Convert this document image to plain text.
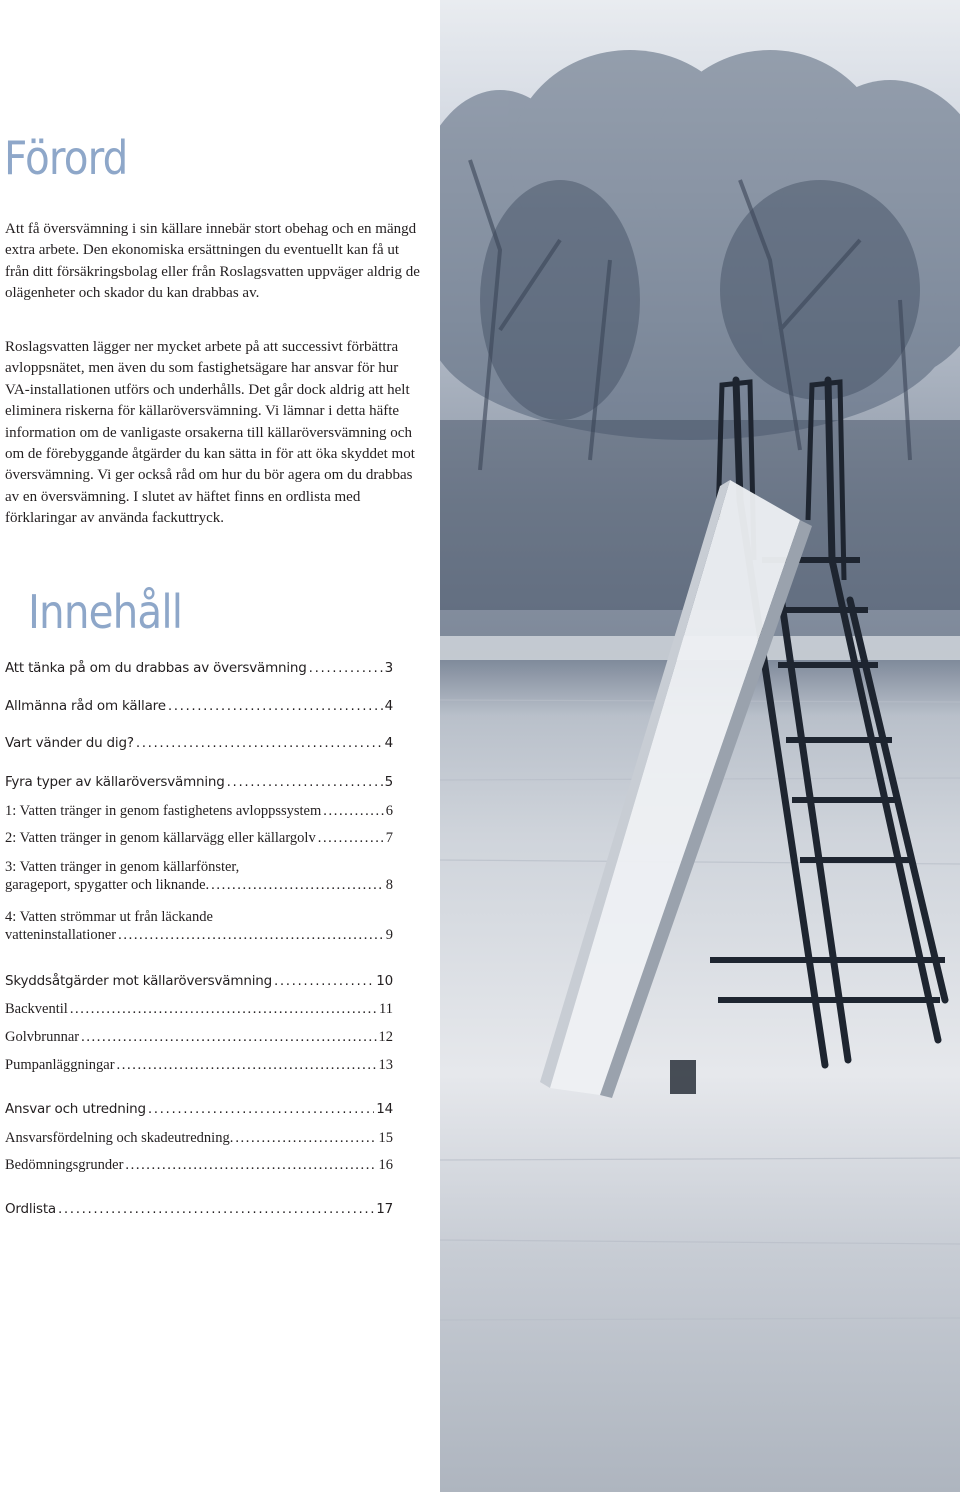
Förord

Att få översvämning i sin källare innebär stort obehag och en mängd extra arbete. Den ekonomiska ersättningen du eventuellt kan få ut från ditt försäkringsbolag eller från Roslagsvatten uppväger aldrig de olägenheter och skador du kan drabbas av.

Roslagsvatten lägger ner mycket arbete på att successivt förbättra avloppsnätet, men även du som fastighetsägare har ansvar för hur VA-installationen utförs och underhålls. Det går dock aldrig att helt eliminera riskerna för källaröversvämning. Vi lämnar i detta häfte information om de vanligaste orsakerna till källaröversvämning och om de förebyggande åtgärder du kan sätta in för att öka skyddet mot översvämning. Vi ger också råd om hur du bör agera om du drabbas av en översvämning. I slutet av häftet finns en ordlista med förklaringar av använda fackuttryck.

Innehåll
Att tänka på om du drabbas av översvämning .....	3
Allmänna råd om källare .....	4
Vart vänder du dig? .....	4
Fyra typer av källaröversvämning .....	5
1: Vatten tränger in genom fastighetens avloppssystem .....	6
2: Vatten tränger in genom källarvägg eller källargolv .....	7
3: Vatten tränger in genom källarfönster,
garageport, spygatter och liknande. .....	8
4: Vatten strömmar ut från läckande
vatteninstallationer .....	9
Skyddsåtgärder mot källaröversvämning .....	10
Backventil .....	11
Golvbrunnar .....	12
Pumpanläggningar .....	13
Ansvar och utredning .....	14
Ansvarsfördelning och skadeutredning. .....	15
Bedömningsgrunder .....	16
Ordlista .....	17
